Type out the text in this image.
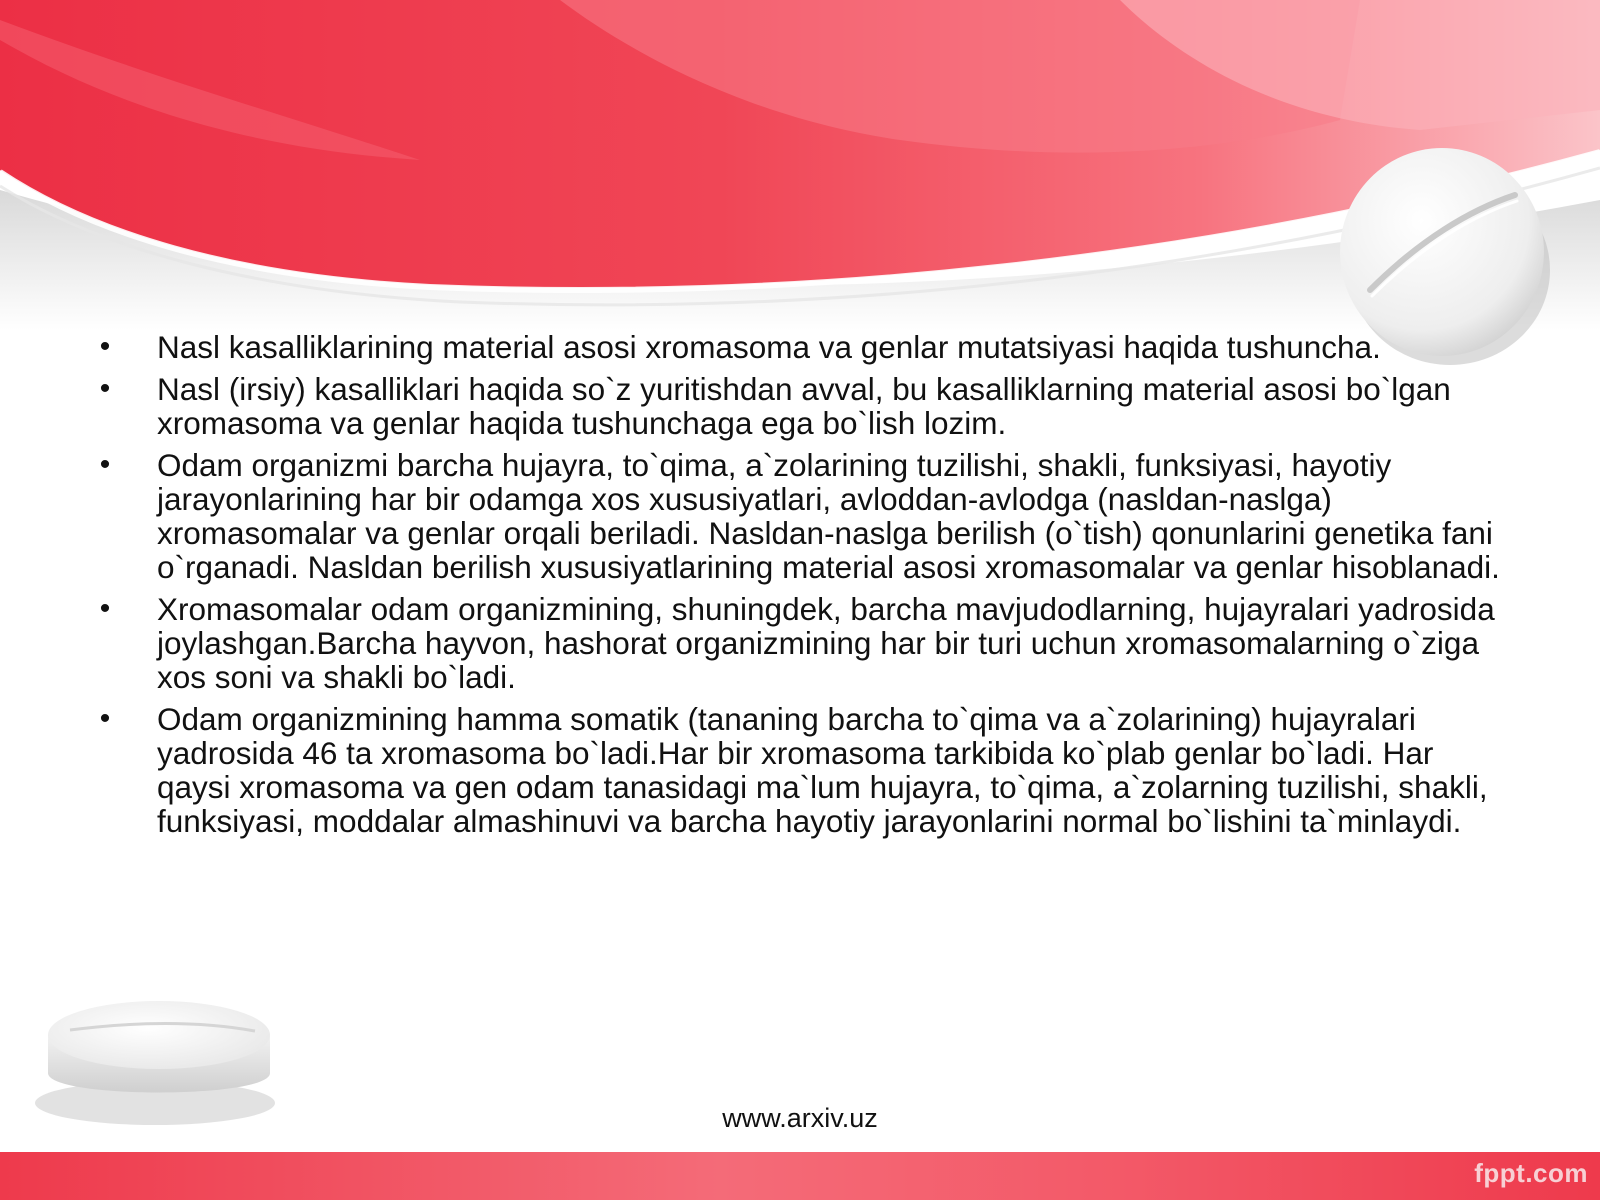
• Nasl kasalliklarining material asosi xromasoma va genlar mutatsiyasi haqida tushuncha.
• Nasl (irsiy) kasalliklari haqida so`z yuritishdan avval, bu kasalliklarning material asosi bo`lgan xromasoma va genlar haqida tushunchaga ega bo`lish lozim.
• Odam organizmi barcha hujayra, to`qima, a`zolarining tuzilishi, shakli, funksiyasi, hayotiy jarayonlarining har bir odamga xos xususiyatlari, avloddan-avlodga (nasldan-naslga) xromasomalar va genlar orqali beriladi. Nasldan-naslga berilish (o`tish) qonunlarini genetika fani o`rganadi. Nasldan berilish xususiyatlarining material asosi xromasomalar va genlar hisoblanadi.
• Xromasomalar odam organizmining, shuningdek, barcha mavjudodlarning, hujayralari yadrosida joylashgan.Barcha hayvon, hashorat organizmining har bir turi uchun xromasomalarning o`ziga xos soni va shakli bo`ladi.
• Odam organizmining hamma somatik (tananing barcha to`qima va a`zolarining) hujayralari yadrosida 46 ta xromasoma bo`ladi.Har bir xromasoma tarkibida ko`plab genlar bo`ladi. Har qaysi xromasoma va gen odam tanasidagi ma`lum hujayra, to`qima, a`zolarning tuzilishi, shakli, funksiyasi, moddalar almashinuvi va barcha hayotiy jarayonlarini normal bo`lishini ta`minlaydi.
www.arxiv.uz
fppt.com
